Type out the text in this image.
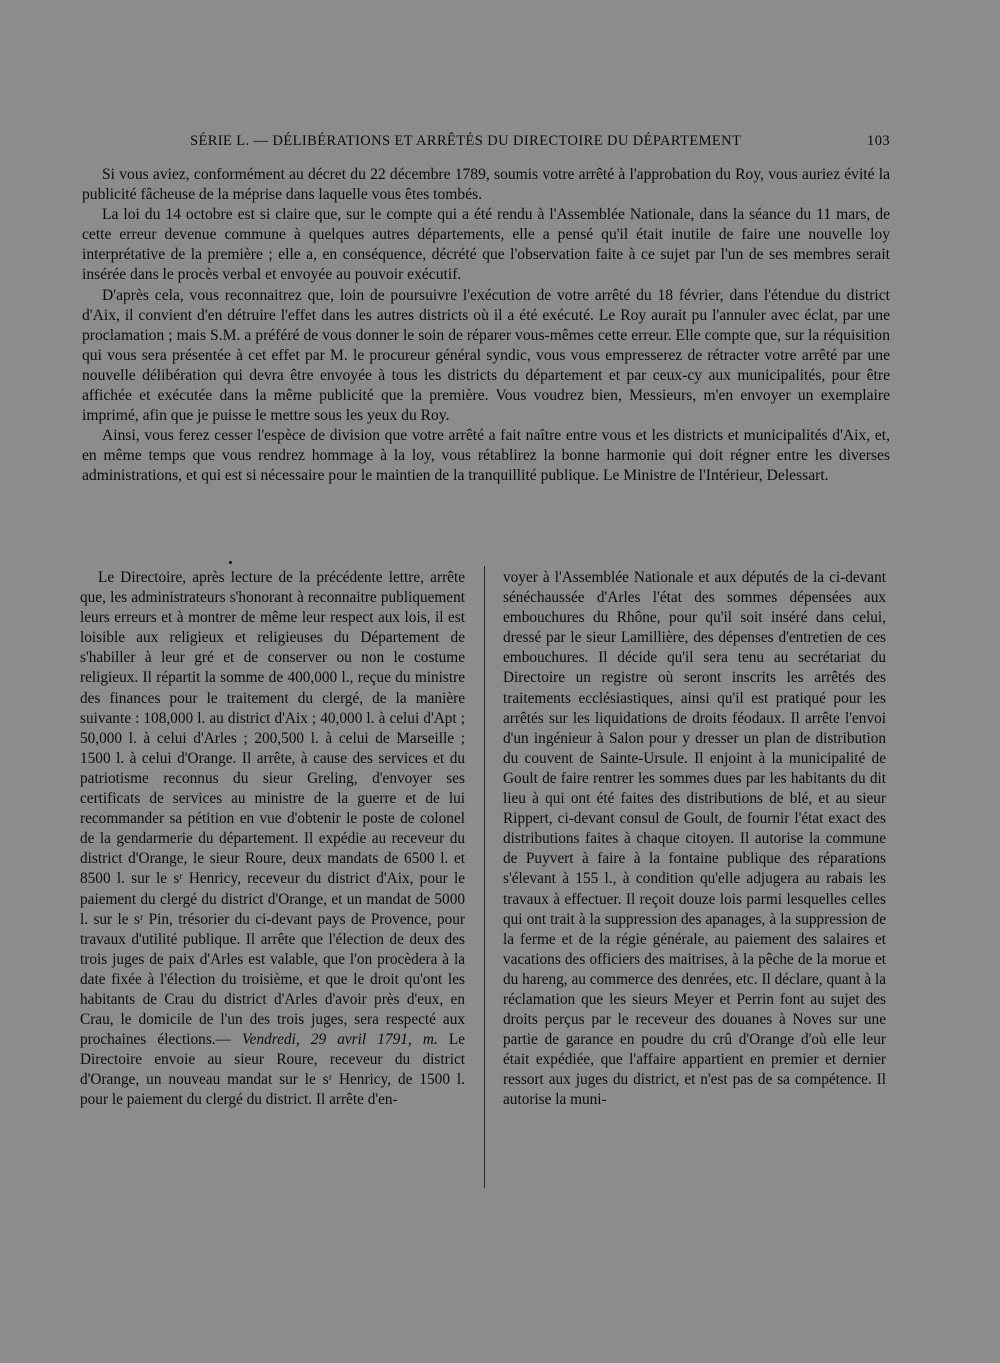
SÉRIE L. — DÉLIBÉRATIONS ET ARRÊTÉS DU DIRECTOIRE DU DÉPARTEMENT	103

Si vous aviez, conformément au décret du 22 décembre 1789, soumis votre arrêté à l'approbation du Roy, vous auriez évité la publicité fâcheuse de la méprise dans laquelle vous êtes tombés.

La loi du 14 octobre est si claire que, sur le compte qui a été rendu à l'Assemblée Nationale, dans la séance du 11 mars, de cette erreur devenue commune à quelques autres départements, elle a pensé qu'il était inutile de faire une nouvelle loy interprétative de la première ; elle a, en conséquence, décrété que l'observation faite à ce sujet par l'un de ses membres serait insérée dans le procès verbal et envoyée au pouvoir exécutif.

D'après cela, vous reconnaitrez que, loin de poursuivre l'exécution de votre arrêté du 18 février, dans l'étendue du district d'Aix, il convient d'en détruire l'effet dans les autres districts où il a été exécuté. Le Roy aurait pu l'annuler avec éclat, par une proclamation ; mais S.M. a préféré de vous donner le soin de réparer vous-mêmes cette erreur. Elle compte que, sur la réquisition qui vous sera présentée à cet effet par M. le procureur général syndic, vous vous empresserez de rétracter votre arrêté par une nouvelle délibération qui devra être envoyée à tous les districts du département et par ceux-cy aux municipalités, pour être affichée et exécutée dans la même publicité que la première. Vous voudrez bien, Messieurs, m'en envoyer un exemplaire imprimé, afin que je puisse le mettre sous les yeux du Roy.

Ainsi, vous ferez cesser l'espèce de division que votre arrêté a fait naître entre vous et les districts et municipalités d'Aix, et, en même temps que vous rendrez hommage à la loy, vous rétablirez la bonne harmonie qui doit régner entre les diverses administrations, et qui est si nécessaire pour le maintien de la tranquillité publique. Le Ministre de l'Intérieur, Delessart.

Le Directoire, après lecture de la précédente lettre, arrête que, les administrateurs s'honorant à reconnaitre publiquement leurs erreurs et à montrer de même leur respect aux lois, il est loisible aux religieux et religieuses du Département de s'habiller à leur gré et de conserver ou non le costume religieux. Il répartit la somme de 400,000 l., reçue du ministre des finances pour le traitement du clergé, de la manière suivante : 108,000 l. au district d'Aix ; 40,000 l. à celui d'Apt ; 50,000 l. à celui d'Arles ; 200,500 l. à celui de Marseille ; 1500 l. à celui d'Orange. Il arrête, à cause des services et du patriotisme reconnus du sieur Greling, d'envoyer ses certificats de services au ministre de la guerre et de lui recommander sa pétition en vue d'obtenir le poste de colonel de la gendarmerie du département. Il expédie au receveur du district d'Orange, le sieur Roure, deux mandats de 6500 l. et 8500 l. sur le sʳ Henricy, receveur du district d'Aix, pour le paiement du clergé du district d'Orange, et un mandat de 5000 l. sur le sʳ Pin, trésorier du ci-devant pays de Provence, pour travaux d'utilité publique. Il arrête que l'élection de deux des trois juges de paix d'Arles est valable, que l'on procèdera à la date fixée à l'élection du troisième, et que le droit qu'ont les habitants de Crau du district d'Arles d'avoir près d'eux, en Crau, le domicile de l'un des trois juges, sera respecté aux prochaines élections.— Vendredi, 29 avril 1791, m. Le Directoire envoie au sieur Roure, receveur du district d'Orange, un nouveau mandat sur le sʳ Henricy, de 1500 l. pour le paiement du clergé du district. Il arrête d'en-

voyer à l'Assemblée Nationale et aux députés de la ci-devant sénéchaussée d'Arles l'état des sommes dépensées aux embouchures du Rhône, pour qu'il soit inséré dans celui, dressé par le sieur Lamillière, des dépenses d'entretien de ces embouchures. Il décide qu'il sera tenu au secrétariat du Directoire un registre où seront inscrits les arrêtés des traitements ecclésiastiques, ainsi qu'il est pratiqué pour les arrêtés sur les liquidations de droits féodaux. Il arrête l'envoi d'un ingénieur à Salon pour y dresser un plan de distribution du couvent de Sainte-Ursule. Il enjoint à la municipalité de Goult de faire rentrer les sommes dues par les habitants du dit lieu à qui ont été faites des distributions de blé, et au sieur Rippert, ci-devant consul de Goult, de fournir l'état exact des distributions faites à chaque citoyen. Il autorise la commune de Puyvert à faire à la fontaine publique des réparations s'élevant à 155 l., à condition qu'elle adjugera au rabais les travaux à effectuer. Il reçoit douze lois parmi lesquelles celles qui ont trait à la suppression des apanages, à la suppression de la ferme et de la régie générale, au paiement des salaires et vacations des officiers des maitrises, à la pêche de la morue et du hareng, au commerce des denrées, etc. Il déclare, quant à la réclamation que les sieurs Meyer et Perrin font au sujet des droits perçus par le receveur des douanes à Noves sur une partie de garance en poudre du crû d'Orange d'où elle leur était expédiée, que l'affaire appartient en premier et dernier ressort aux juges du district, et n'est pas de sa compétence. Il autorise la muni-
